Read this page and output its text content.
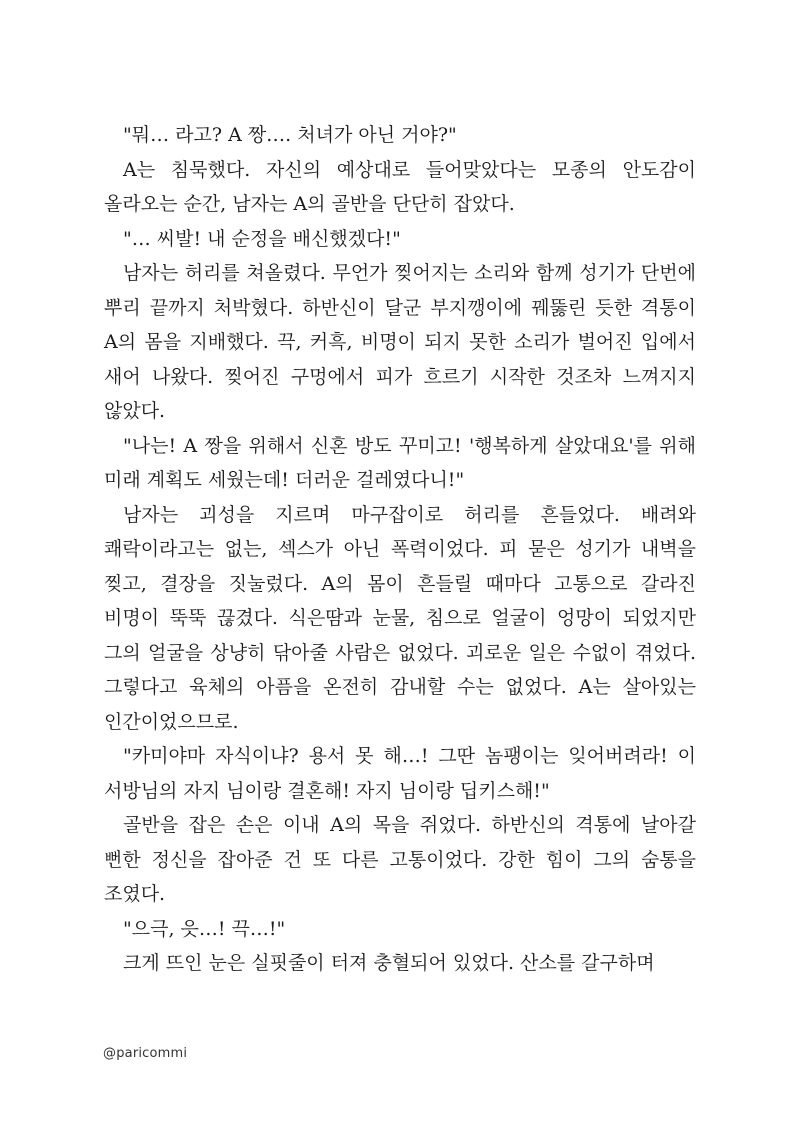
"뭐… 라고? A 짱…. 처녀가 아닌 거야?"

A는 침묵했다. 자신의 예상대로 들어맞았다는 모종의 안도감이 올라오는 순간, 남자는 A의 골반을 단단히 잡았다.

"… 씨발! 내 순정을 배신했겠다!"

남자는 허리를 쳐올렸다. 무언가 찢어지는 소리와 함께 성기가 단번에 뿌리 끝까지 처박혔다. 하반신이 달군 부지깽이에 꿰뚫린 듯한 격통이 A의 몸을 지배했다. 끅, 커흑, 비명이 되지 못한 소리가 벌어진 입에서 새어 나왔다. 찢어진 구멍에서 피가 흐르기 시작한 것조차 느껴지지 않았다.

"나는! A 짱을 위해서 신혼 방도 꾸미고! '행복하게 살았대요'를 위해 미래 계획도 세웠는데! 더러운 걸레였다니!"

남자는 괴성을 지르며 마구잡이로 허리를 흔들었다. 배려와 쾌락이라고는 없는, 섹스가 아닌 폭력이었다. 피 묻은 성기가 내벽을 찢고, 결장을 짓눌렀다. A의 몸이 흔들릴 때마다 고통으로 갈라진 비명이 뚝뚝 끊겼다. 식은땀과 눈물, 침으로 얼굴이 엉망이 되었지만 그의 얼굴을 상냥히 닦아줄 사람은 없었다. 괴로운 일은 수없이 겪었다. 그렇다고 육체의 아픔을 온전히 감내할 수는 없었다. A는 살아있는 인간이었으므로.

"카미야마 자식이냐? 용서 못 해…! 그딴 놈팽이는 잊어버려라! 이 서방님의 자지 님이랑 결혼해! 자지 님이랑 딥키스해!"

골반을 잡은 손은 이내 A의 목을 쥐었다. 하반신의 격통에 날아갈 뻔한 정신을 잡아준 건 또 다른 고통이었다. 강한 힘이 그의 숨통을 조였다.

"으극, 읏…! 끅…!"

크게 뜨인 눈은 실핏줄이 터져 충혈되어 있었다. 산소를 갈구하며

@paricommi
